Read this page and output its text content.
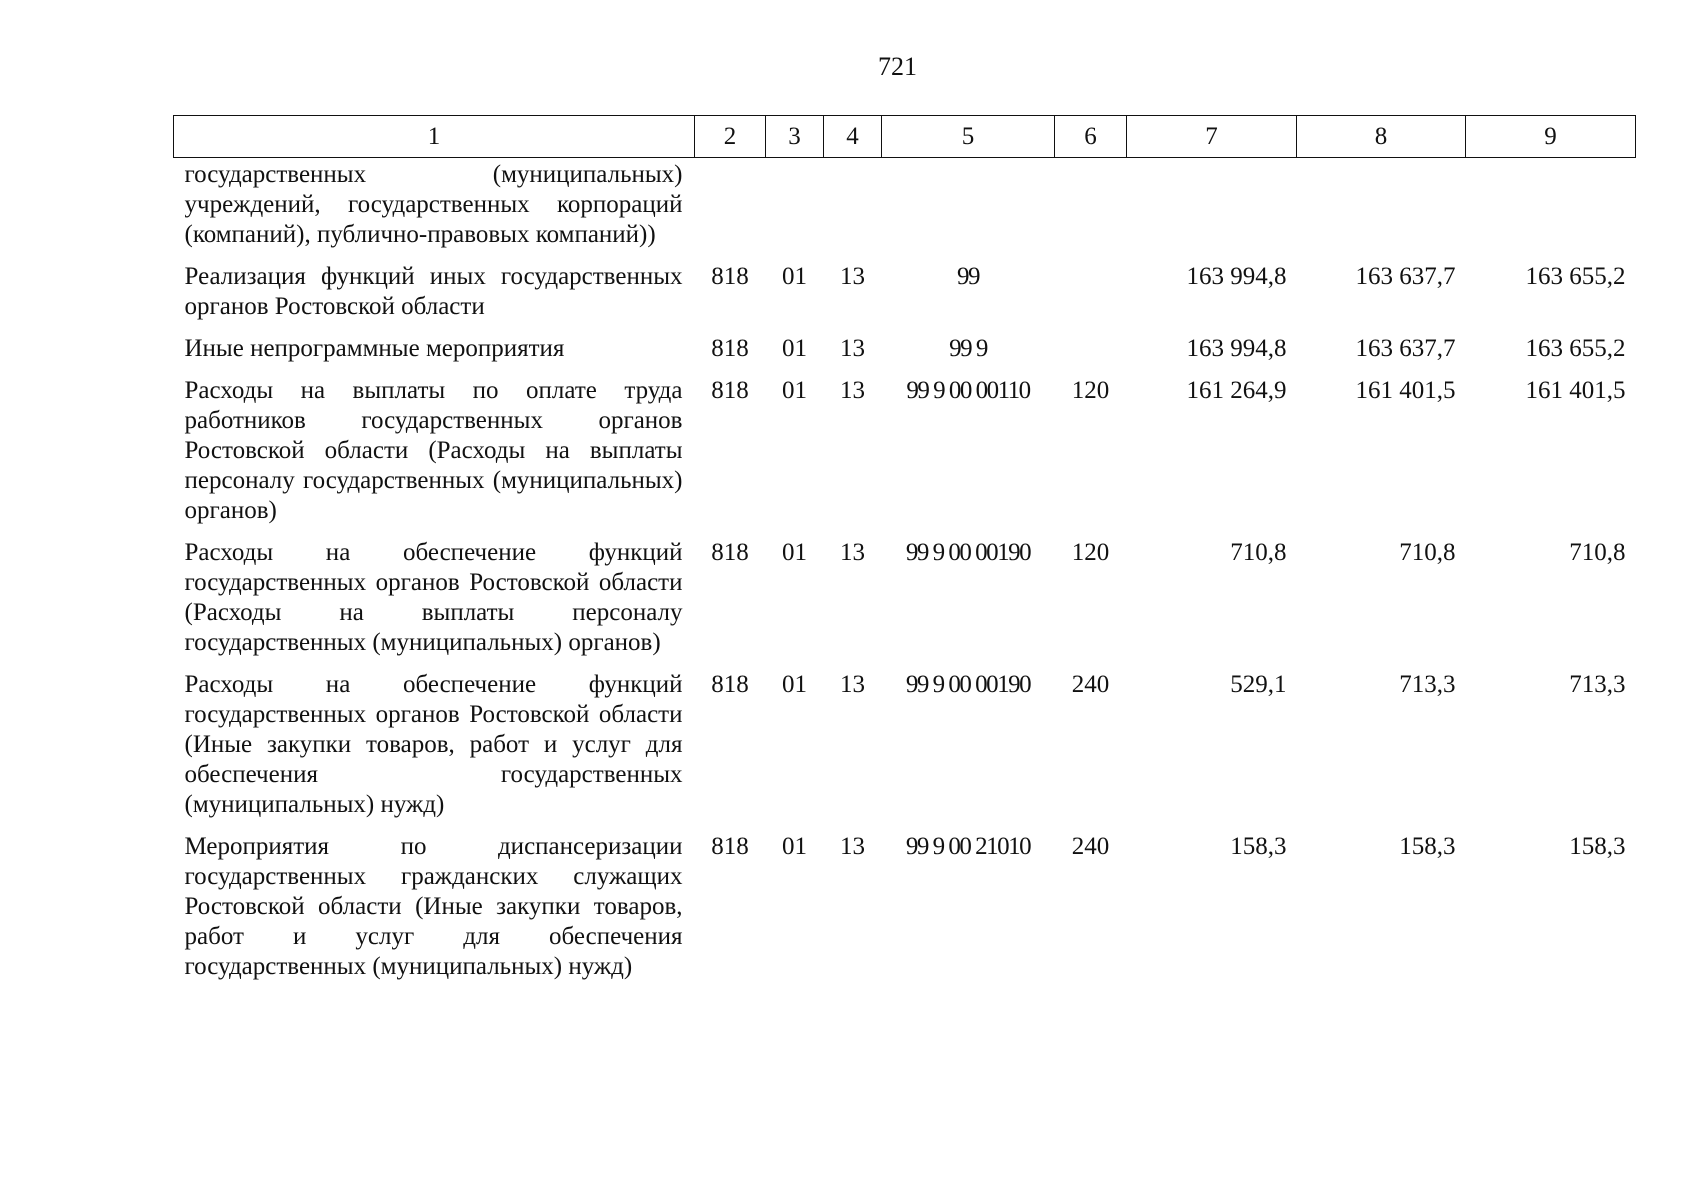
721
1	2	3	4	5	6	7	8	9
государственных (муниципальных) учреждений, государственных корпораций (компаний), публично-правовых компаний))								
Реализация функций иных государственных органов Ростовской области	818	01	13	99		163 994,8	163 637,7	163 655,2
Иные непрограммные мероприятия	818	01	13	99 9		163 994,8	163 637,7	163 655,2
Расходы на выплаты по оплате труда работников государственных органов Ростовской области (Расходы на выплаты персоналу государственных (муниципальных) органов)	818	01	13	99 9 00 00110	120	161 264,9	161 401,5	161 401,5
Расходы на обеспечение функций государственных органов Ростовской области (Расходы на выплаты персоналу государственных (муниципальных) органов)	818	01	13	99 9 00 00190	120	710,8	710,8	710,8
Расходы на обеспечение функций государственных органов Ростовской области (Иные закупки товаров, работ и услуг для обеспечения государственных (муниципальных) нужд)	818	01	13	99 9 00 00190	240	529,1	713,3	713,3
Мероприятия по диспансеризации государственных гражданских служащих Ростовской области (Иные закупки товаров, работ и услуг для обеспечения государственных (муниципальных) нужд)	818	01	13	99 9 00 21010	240	158,3	158,3	158,3
